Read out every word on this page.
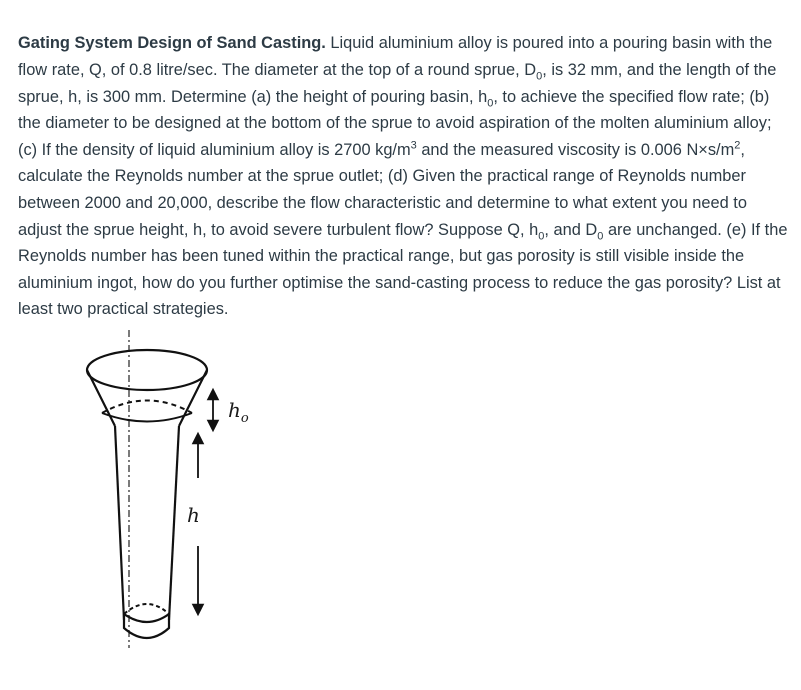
Gating System Design of Sand Casting. Liquid aluminium alloy is poured into a pouring basin with the flow rate, Q, of 0.8 litre/sec. The diameter at the top of a round sprue, $D_0$, is 32 mm, and the length of the sprue, h, is 300 mm. Determine (a) the height of pouring basin, $h_0$, to achieve the specified flow rate; (b) the diameter to be designed at the bottom of the sprue to avoid aspiration of the molten aluminium alloy; (c) If the density of liquid aluminium alloy is 2700 $kg/m^3$ and the measured viscosity is 0.006 $N\times s/m^2$, calculate the Reynolds number at the sprue outlet; (d) Given the practical range of Reynolds number between 2000 and 20,000, describe the flow characteristic and determine to what extent you need to adjust the sprue height, h, to avoid severe turbulent flow? Suppose Q, $h_0$, and $D_0$ are unchanged. (e) If the Reynolds number has been tuned within the practical range, but gas porosity is still visible inside the aluminium ingot, how do you further optimise the sand-casting process to reduce the gas porosity? List at least two practical strategies.

$h_o$
h
